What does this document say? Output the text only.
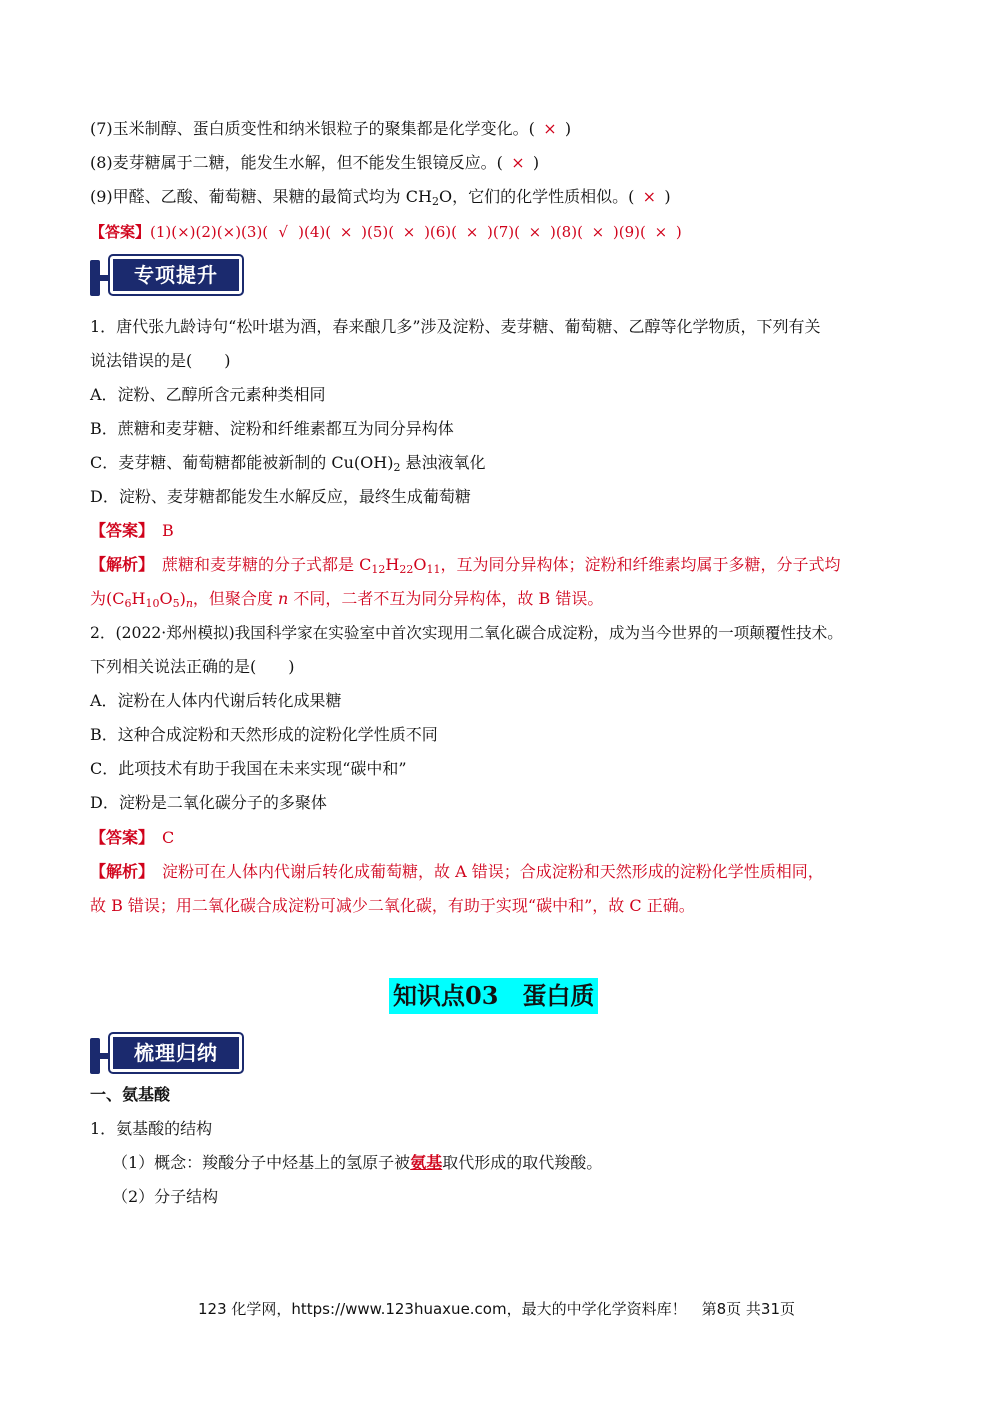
(7)玉米制醇、蛋白质变性和纳米银粒子的聚集都是化学变化。( × )
(8)麦芽糖属于二糖，能发生水解，但不能发生银镜反应。( × )
(9)甲醛、乙酸、葡萄糖、果糖的最简式均为 $CH_2O$，它们的化学性质相似。( × )
【答案】(1)(×)(2)(×)(3)( √ )(4)( × )(5)( × )(6)( × )(7)( × )(8)( × )(9)( × )
专项提升
1．唐代张九龄诗句“松叶堪为酒，春来酿几多”涉及淀粉、麦芽糖、葡萄糖、乙醇等化学物质，下列有关
说法错误的是(　　)
A．淀粉、乙醇所含元素种类相同
B．蔗糖和麦芽糖、淀粉和纤维素都互为同分异构体
C．麦芽糖、葡萄糖都能被新制的 $Cu(OH)_2$ 悬浊液氧化
D．淀粉、麦芽糖都能发生水解反应，最终生成葡萄糖
【答案】　 B
【解析】　 蔗糖和麦芽糖的分子式都是 $C_{12}H_{22}O_{11}$，互为同分异构体；淀粉和纤维素均属于多糖，分子式均
为$(C_6H_{10}O_5)_n$，但聚合度 n 不同，二者不互为同分异构体，故 B 错误。
2．(2022·郑州模拟)我国科学家在实验室中首次实现用二氧化碳合成淀粉，成为当今世界的一项颠覆性技术。
下列相关说法正确的是(　　)
A．淀粉在人体内代谢后转化成果糖
B．这种合成淀粉和天然形成的淀粉化学性质不同
C．此项技术有助于我国在未来实现“碳中和”
D．淀粉是二氧化碳分子的多聚体
【答案】　 C
【解析】　 淀粉可在人体内代谢后转化成葡萄糖，故 A 错误；合成淀粉和天然形成的淀粉化学性质相同，
故 B 错误；用二氧化碳合成淀粉可减少二氧化碳，有助于实现“碳中和”，故 C 正确。
知识点03 蛋白质
梳理归纳
一、氨基酸
1．氨基酸的结构
（1）概念：羧酸分子中烃基上的氢原子被氨基取代形成的取代羧酸。
（2）分子结构
123 化学网，https://www.123huaxue.com，最大的中学化学资料库！　第8页 共31页
